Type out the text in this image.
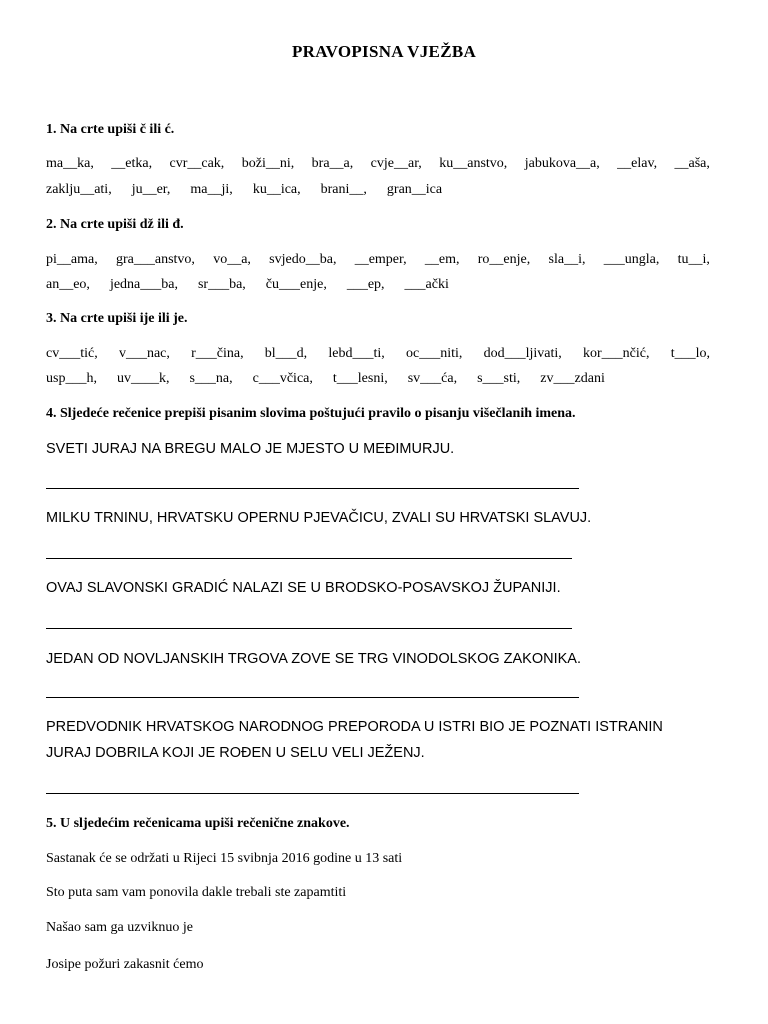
PRAVOPISNA VJEŽBA
1. Na crte upiši č ili ć.
ma__ka, __etka, cvr__cak, boži__ni, bra__a, cvje__ar, ku__anstvo, jabukova__a, __elav, __aša,
zaklju__ati, ju__er, ma__ji, ku__ica, brani__, gran__ica
2. Na crte upiši dž ili đ.
pi__ama, gra___anstvo, vo__a, svjedo__ba, __emper, __em, ro__enje, sla__i, ___ungla, tu__i,
an__eo, jedna___ba, sr___ba, ču___enje, ___ep, ___ački
3. Na crte upiši ije ili je.
cv___tić, v___nac, r___čina, bl___d, lebd___ti, oc___niti, dod___ljivati, kor___nčić, t___lo,
usp___h, uv____k, s___na, c___včica, t___lesni, sv___ća, s___sti, zv___zdani
4. Sljedeće rečenice prepiši pisanim slovima poštujući pravilo o pisanju višečlanih imena.
SVETI JURAJ NA BREGU MALO JE MJESTO U MEĐIMURJU.
MILKU TRNINU, HRVATSKU OPERNU PJEVAČICU, ZVALI SU HRVATSKI SLAVUJ.
OVAJ SLAVONSKI GRADIĆ NALAZI SE U BRODSKO-POSAVSKOJ ŽUPANIJI.
JEDAN OD NOVLJANSKIH TRGOVA ZOVE SE TRG VINODOLSKOG ZAKONIKA.
PREDVODNIK HRVATSKOG NARODNOG PREPORODA U ISTRI BIO JE POZNATI ISTRANIN
JURAJ DOBRILA KOJI JE ROĐEN U SELU VELI JEŽENJ.
5. U sljedećim rečenicama upiši rečenične znakove.
Sastanak će se održati u Rijeci 15 svibnja 2016 godine u 13 sati
Sto puta sam vam ponovila dakle trebali ste zapamtiti
Našao sam ga uzviknuo je
Josipe požuri zakasnit ćemo
